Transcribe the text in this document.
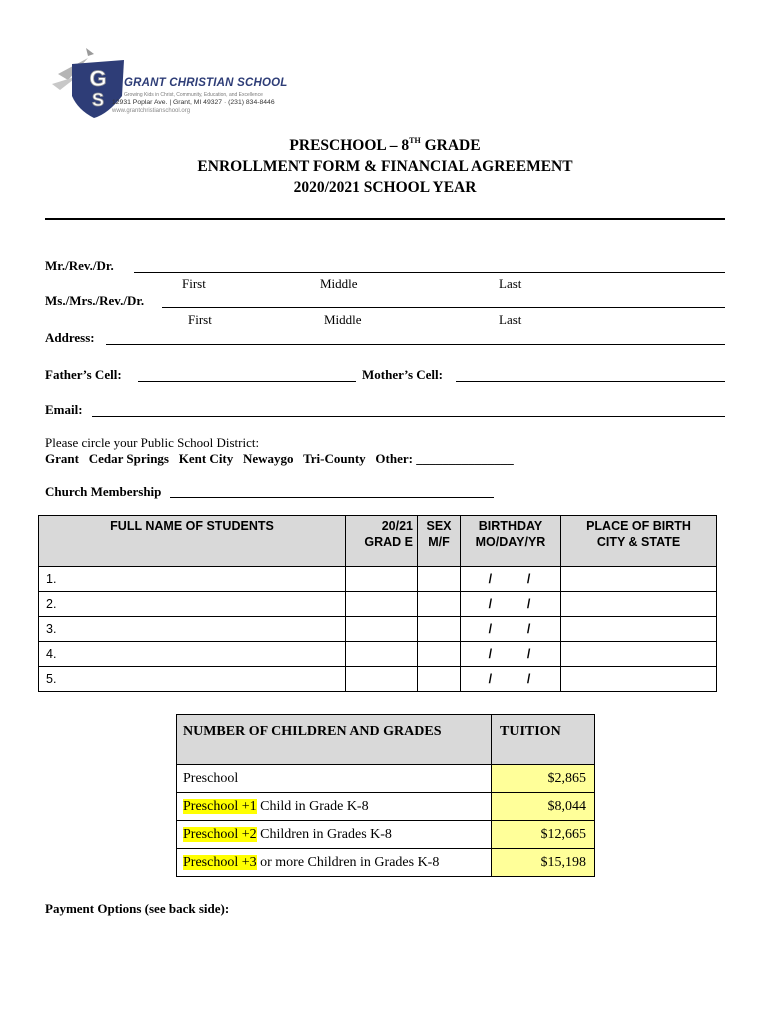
G
S
GRANT CHRISTIAN SCHOOL
Growing Kids in Christ, Community, Education, and Excellence
12931 Poplar Ave. | Grant, MI 49327 · (231) 834-8446
www.grantchristianschool.org
PRESCHOOL – 8TH GRADE
ENROLLMENT FORM & FINANCIAL AGREEMENT
2020/2021 SCHOOL YEAR
Mr./Rev./Dr.
First	Middle	Last
Ms./Mrs./Rev./Dr.
First	Middle	Last
Address:
Father’s Cell:	Mother’s Cell:
Email:
Please circle your Public School District:
Grant   Cedar Springs   Kent City   Newaygo   Tri-County   Other: _______________
Church Membership
FULL NAME OF STUDENTS	20/21 GRAD E	SEX M/F	BIRTHDAY MO/DAY/YR	PLACE OF BIRTH CITY & STATE
1.			/      /	
2.			/      /	
3.			/      /	
4.			/      /	
5.			/      /	
NUMBER OF CHILDREN AND GRADES	TUITION
Preschool	$2,865
Preschool +1 Child in Grade K-8	$8,044
Preschool +2 Children in Grades K-8	$12,665
Preschool +3 or more Children in Grades K-8	$15,198
Payment Options (see back side):
